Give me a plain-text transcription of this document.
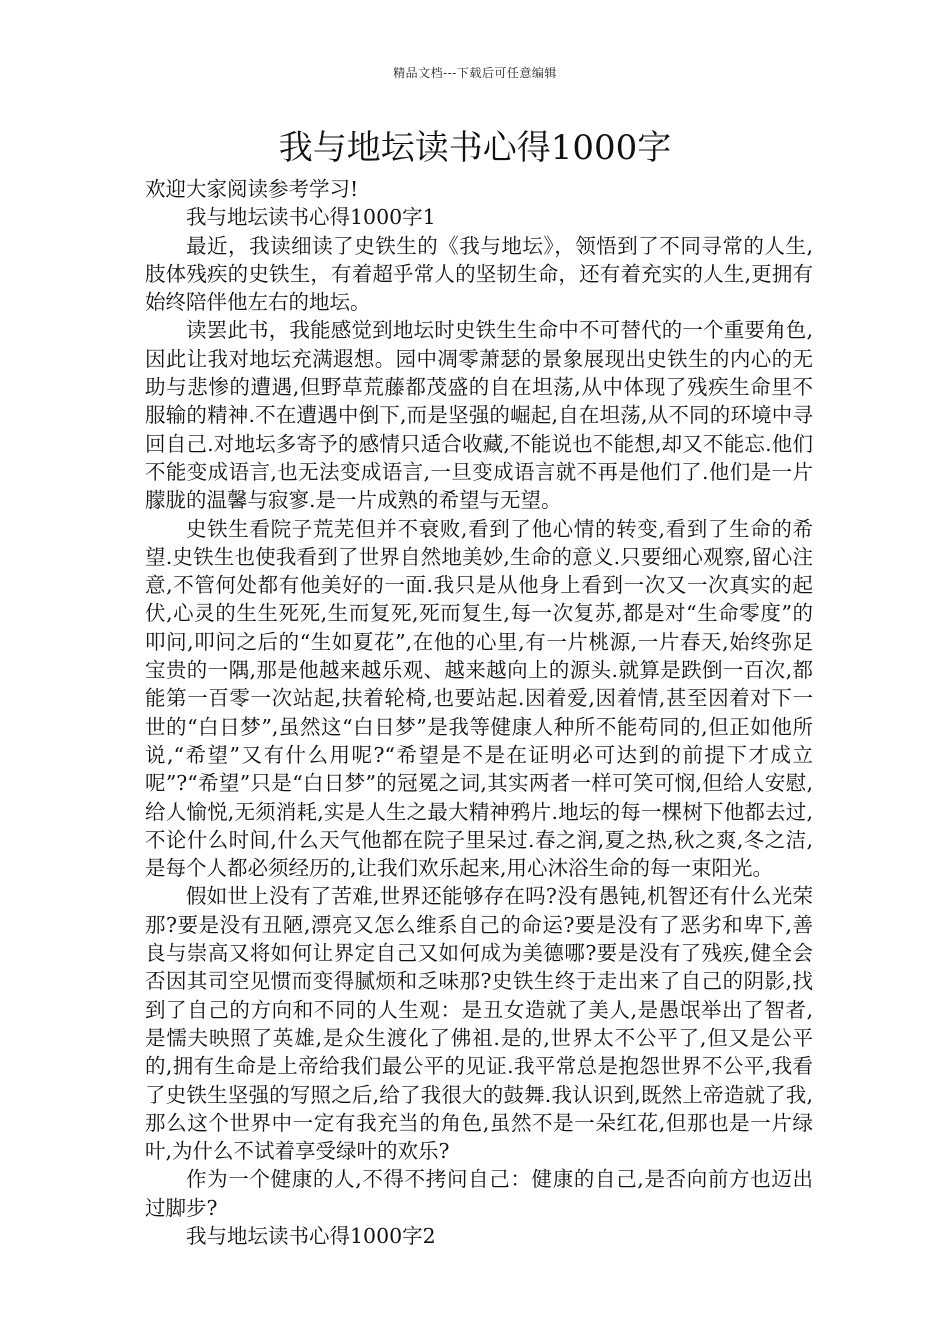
精品文档---下载后可任意编辑
我与地坛读书心得1000字

欢迎大家阅读参考学习!

我与地坛读书心得1000字1

最近，我读细读了史铁生的《我与地坛》，领悟到了不同寻常的人生,肢体残疾的史铁生，有着超乎常人的坚韧生命，还有着充实的人生,更拥有始终陪伴他左右的地坛。

读罢此书，我能感觉到地坛时史铁生生命中不可替代的一个重要角色,因此让我对地坛充满遐想。园中凋零萧瑟的景象展现出史铁生的内心的无助与悲惨的遭遇,但野草荒藤都茂盛的自在坦荡,从中体现了残疾生命里不服输的精神.不在遭遇中倒下,而是坚强的崛起,自在坦荡,从不同的环境中寻回自己.对地坛多寄予的感情只适合收藏,不能说也不能想,却又不能忘.他们不能变成语言,也无法变成语言,一旦变成语言就不再是他们了.他们是一片朦胧的温馨与寂寥.是一片成熟的希望与无望。

史铁生看院子荒芜但并不衰败,看到了他心情的转变,看到了生命的希望.史铁生也使我看到了世界自然地美妙,生命的意义.只要细心观察,留心注意,不管何处都有他美好的一面.我只是从他身上看到一次又一次真实的起伏,心灵的生生死死,生而复死,死而复生,每一次复苏,都是对“生命零度”的叩问,叩问之后的“生如夏花”,在他的心里,有一片桃源,一片春天,始终弥足宝贵的一隅,那是他越来越乐观、越来越向上的源头.就算是跌倒一百次,都能第一百零一次站起,扶着轮椅,也要站起.因着爱,因着情,甚至因着对下一世的“白日梦”,虽然这“白日梦”是我等健康人种所不能苟同的,但正如他所说,“希望”又有什么用呢?“希望是不是在证明必可达到的前提下才成立呢”?“希望”只是“白日梦”的冠冕之词,其实两者一样可笑可悯,但给人安慰,给人愉悦,无须消耗,实是人生之最大精神鸦片.地坛的每一棵树下他都去过,不论什么时间,什么天气他都在院子里呆过.春之润,夏之热,秋之爽,冬之洁,是每个人都必须经历的,让我们欢乐起来,用心沐浴生命的每一束阳光。

假如世上没有了苦难,世界还能够存在吗?没有愚钝,机智还有什么光荣那?要是没有丑陋,漂亮又怎么维系自己的命运?要是没有了恶劣和卑下,善良与崇高又将如何让界定自己又如何成为美德哪?要是没有了残疾,健全会否因其司空见惯而变得腻烦和乏味那?史铁生终于走出来了自己的阴影,找到了自己的方向和不同的人生观：是丑女造就了美人,是愚氓举出了智者,是懦夫映照了英雄,是众生渡化了佛祖.是的,世界太不公平了,但又是公平的,拥有生命是上帝给我们最公平的见证.我平常总是抱怨世界不公平,我看了史铁生坚强的写照之后,给了我很大的鼓舞.我认识到,既然上帝造就了我,那么这个世界中一定有我充当的角色,虽然不是一朵红花,但那也是一片绿叶,为什么不试着享受绿叶的欢乐?

作为一个健康的人,不得不拷问自己：健康的自己,是否向前方也迈出过脚步?

我与地坛读书心得1000字2
